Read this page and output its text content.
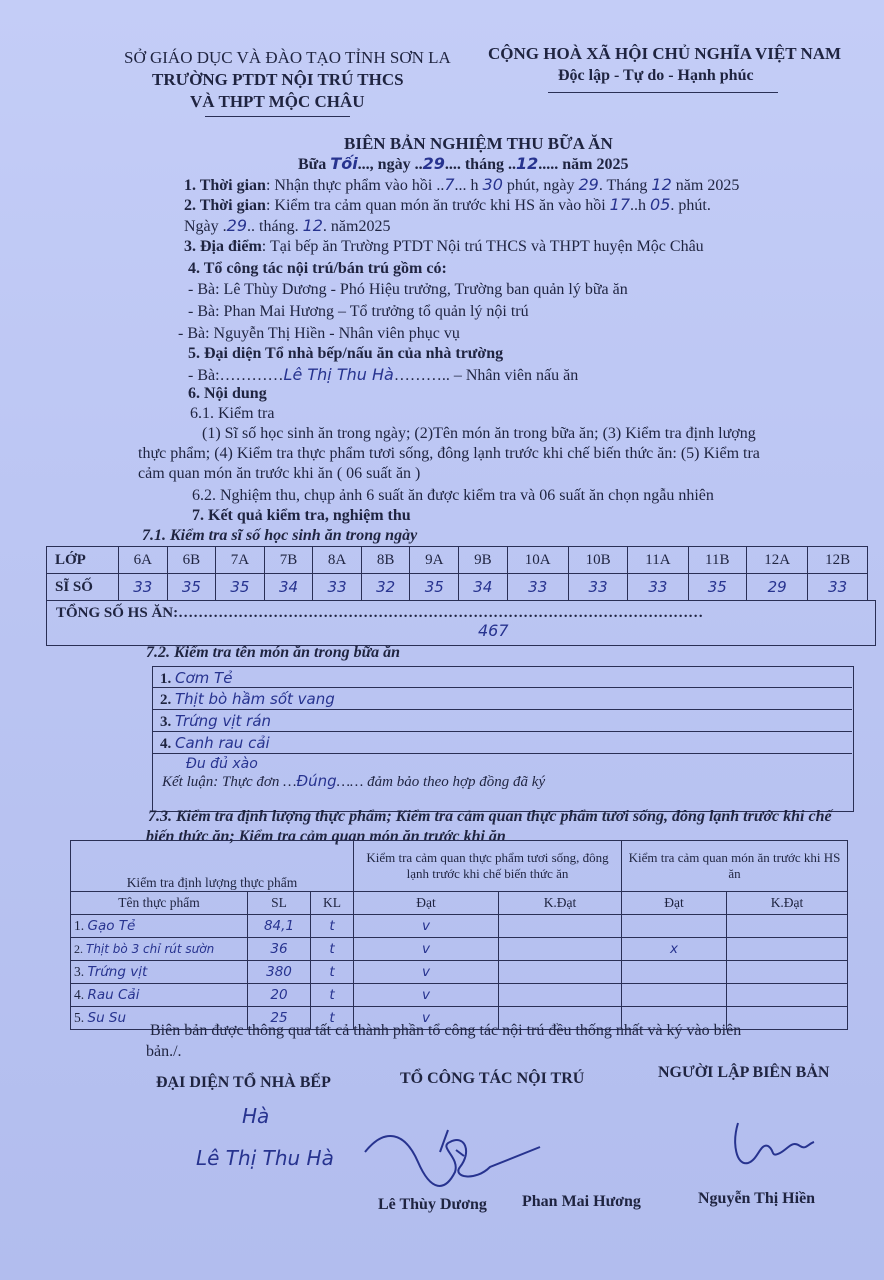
SỞ GIÁO DỤC VÀ ĐÀO TẠO TỈNH SƠN LA
TRƯỜNG PTDT NỘI TRÚ THCS
VÀ THPT MỘC CHÂU
CỘNG HOÀ XÃ HỘI CHỦ NGHĨA VIỆT NAM
Độc lập - Tự do - Hạnh phúc
BIÊN BẢN NGHIỆM THU BỮA ĂN
Bữa Tối..., ngày ..29.... tháng ..12..... năm 2025
1. Thời gian: Nhận thực phẩm vào hồi ..7... h 30 phút, ngày 29. Tháng 12 năm 2025
2. Thời gian: Kiểm tra cảm quan món ăn trước khi HS ăn vào hồi 17..h 05. phút.
Ngày .29.. tháng. 12. năm2025
3. Địa điểm: Tại bếp ăn Trường PTDT Nội trú THCS và THPT huyện Mộc Châu
4. Tổ công tác nội trú/bán trú gồm có:
- Bà: Lê Thùy Dương - Phó Hiệu trưởng, Trường ban quản lý bữa ăn
- Bà: Phan Mai Hương – Tổ trưởng tổ quản lý nội trú
- Bà: Nguyễn Thị Hiền - Nhân viên phục vụ
5. Đại diện Tổ nhà bếp/nấu ăn của nhà trường
- Bà:…………Lê Thị Thu Hà……….. – Nhân viên nấu ăn
6. Nội dung
6.1. Kiểm tra
(1) Sĩ số học sinh ăn trong ngày; (2)Tên món ăn trong bữa ăn; (3) Kiểm tra định lượng
thực phẩm; (4) Kiểm tra thực phẩm tươi sống, đông lạnh trước khi chế biến thức ăn: (5) Kiểm tra
cảm quan món ăn trước khi ăn ( 06 suất ăn )
6.2. Nghiệm thu, chụp ảnh 6 suất ăn được kiểm tra và 06 suất ăn chọn ngẫu nhiên
7. Kết quả kiểm tra, nghiệm thu
7.1. Kiểm tra sĩ số học sinh ăn trong ngày
LỚP	6A	6B	7A	7B	8A	8B	9A	9B	10A	10B	11A	11B	12A	12B
SĨ SỐ	33	35	35	34	33	32	35	34	33	33	33	35	29	33
TỔNG SỐ HS ĂN:……………………………………………………………………………………………
467
7.2. Kiểm tra tên món ăn trong bữa ăn
1. Cơm Tẻ
2. Thịt bò hầm sốt vang
3. Trứng vịt rán
4. Canh rau cải
Đu đủ xào
Kết luận: Thực đơn …Đúng…… đảm bảo theo hợp đồng đã ký
7.3. Kiểm tra định lượng thực phẩm; Kiểm tra cảm quan thực phẩm tươi sống, đông lạnh trước khi chế
biến thức ăn; Kiểm tra cảm quan món ăn trước khi ăn
Kiểm tra định lượng thực phẩm			Kiểm tra cảm quan thực phẩm tươi sống, đông lạnh trước khi chế biến thức ăn		Kiểm tra cảm quan món ăn trước khi HS ăn	
Tên thực phẩm	SL	KL	Đạt	K.Đạt	Đạt	K.Đạt
1. Gạo Tẻ	84,1	t	v			
2. Thịt bò 3 chỉ rút sườn	36	t	v		x	
3. Trứng vịt	380	t	v			
4. Rau Cải	20	t	v			
5. Su Su	25	t	v			
Biên bản được thông qua tất cả thành phần tổ công tác nội trú đều thống nhất và ký vào biên
bản./.
ĐẠI DIỆN TỔ NHÀ BẾP	TỔ CÔNG TÁC NỘI TRÚ	NGƯỜI LẬP BIÊN BẢN
Hà
Lê Thị Thu Hà
Lê Thùy Dương Phan Mai Hương	Nguyễn Thị Hiền
